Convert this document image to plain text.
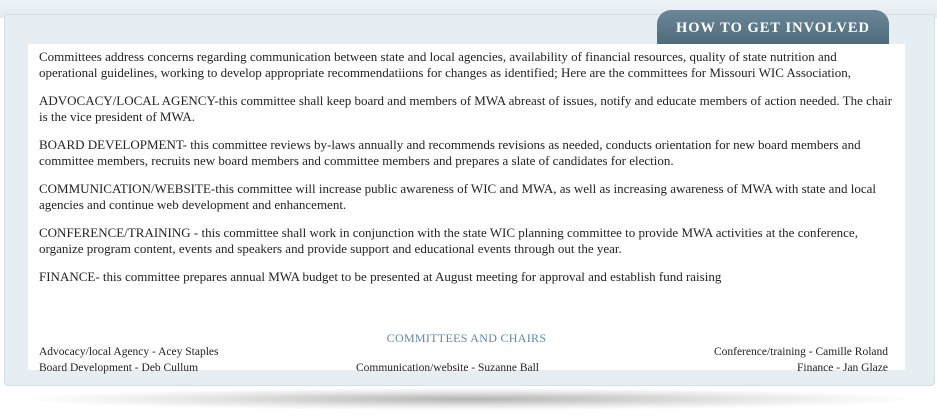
HOW TO GET INVOLVED

Committees address concerns regarding communication between state and local agencies, availability of financial resources, quality of state nutrition and operational guidelines, working to develop appropriate recommendatiions for changes as identified; Here are the committees for Missouri WIC Association,

ADVOCACY/LOCAL AGENCY-this committee shall keep board and members of MWA abreast of issues, notify and educate members of action needed. The chair is the vice president of MWA.

BOARD DEVELOPMENT- this committee reviews by-laws annually and recommends revisions as needed, conducts orientation for new board members and committee members, recruits new board members and committee members and prepares a slate of candidates for election.

COMMUNICATION/WEBSITE-this committee will increase public awareness of WIC and MWA, as well as increasing awareness of MWA with state and local agencies and continue web development and enhancement.

CONFERENCE/TRAINING - this committee shall work in conjunction with the state WIC planning committee to provide MWA activities at the conference, organize program content, events and speakers and provide support and educational events through out the year.

FINANCE- this committee prepares annual MWA budget to be presented at August meeting for approval and establish fund raising

COMMITTEES AND CHAIRS
Advocacy/local Agency - Acey Staples
Board Development - Deb Cullum	Communication/website - Suzanne Ball
Conference/training - Camille Roland
Finance - Jan Glaze
